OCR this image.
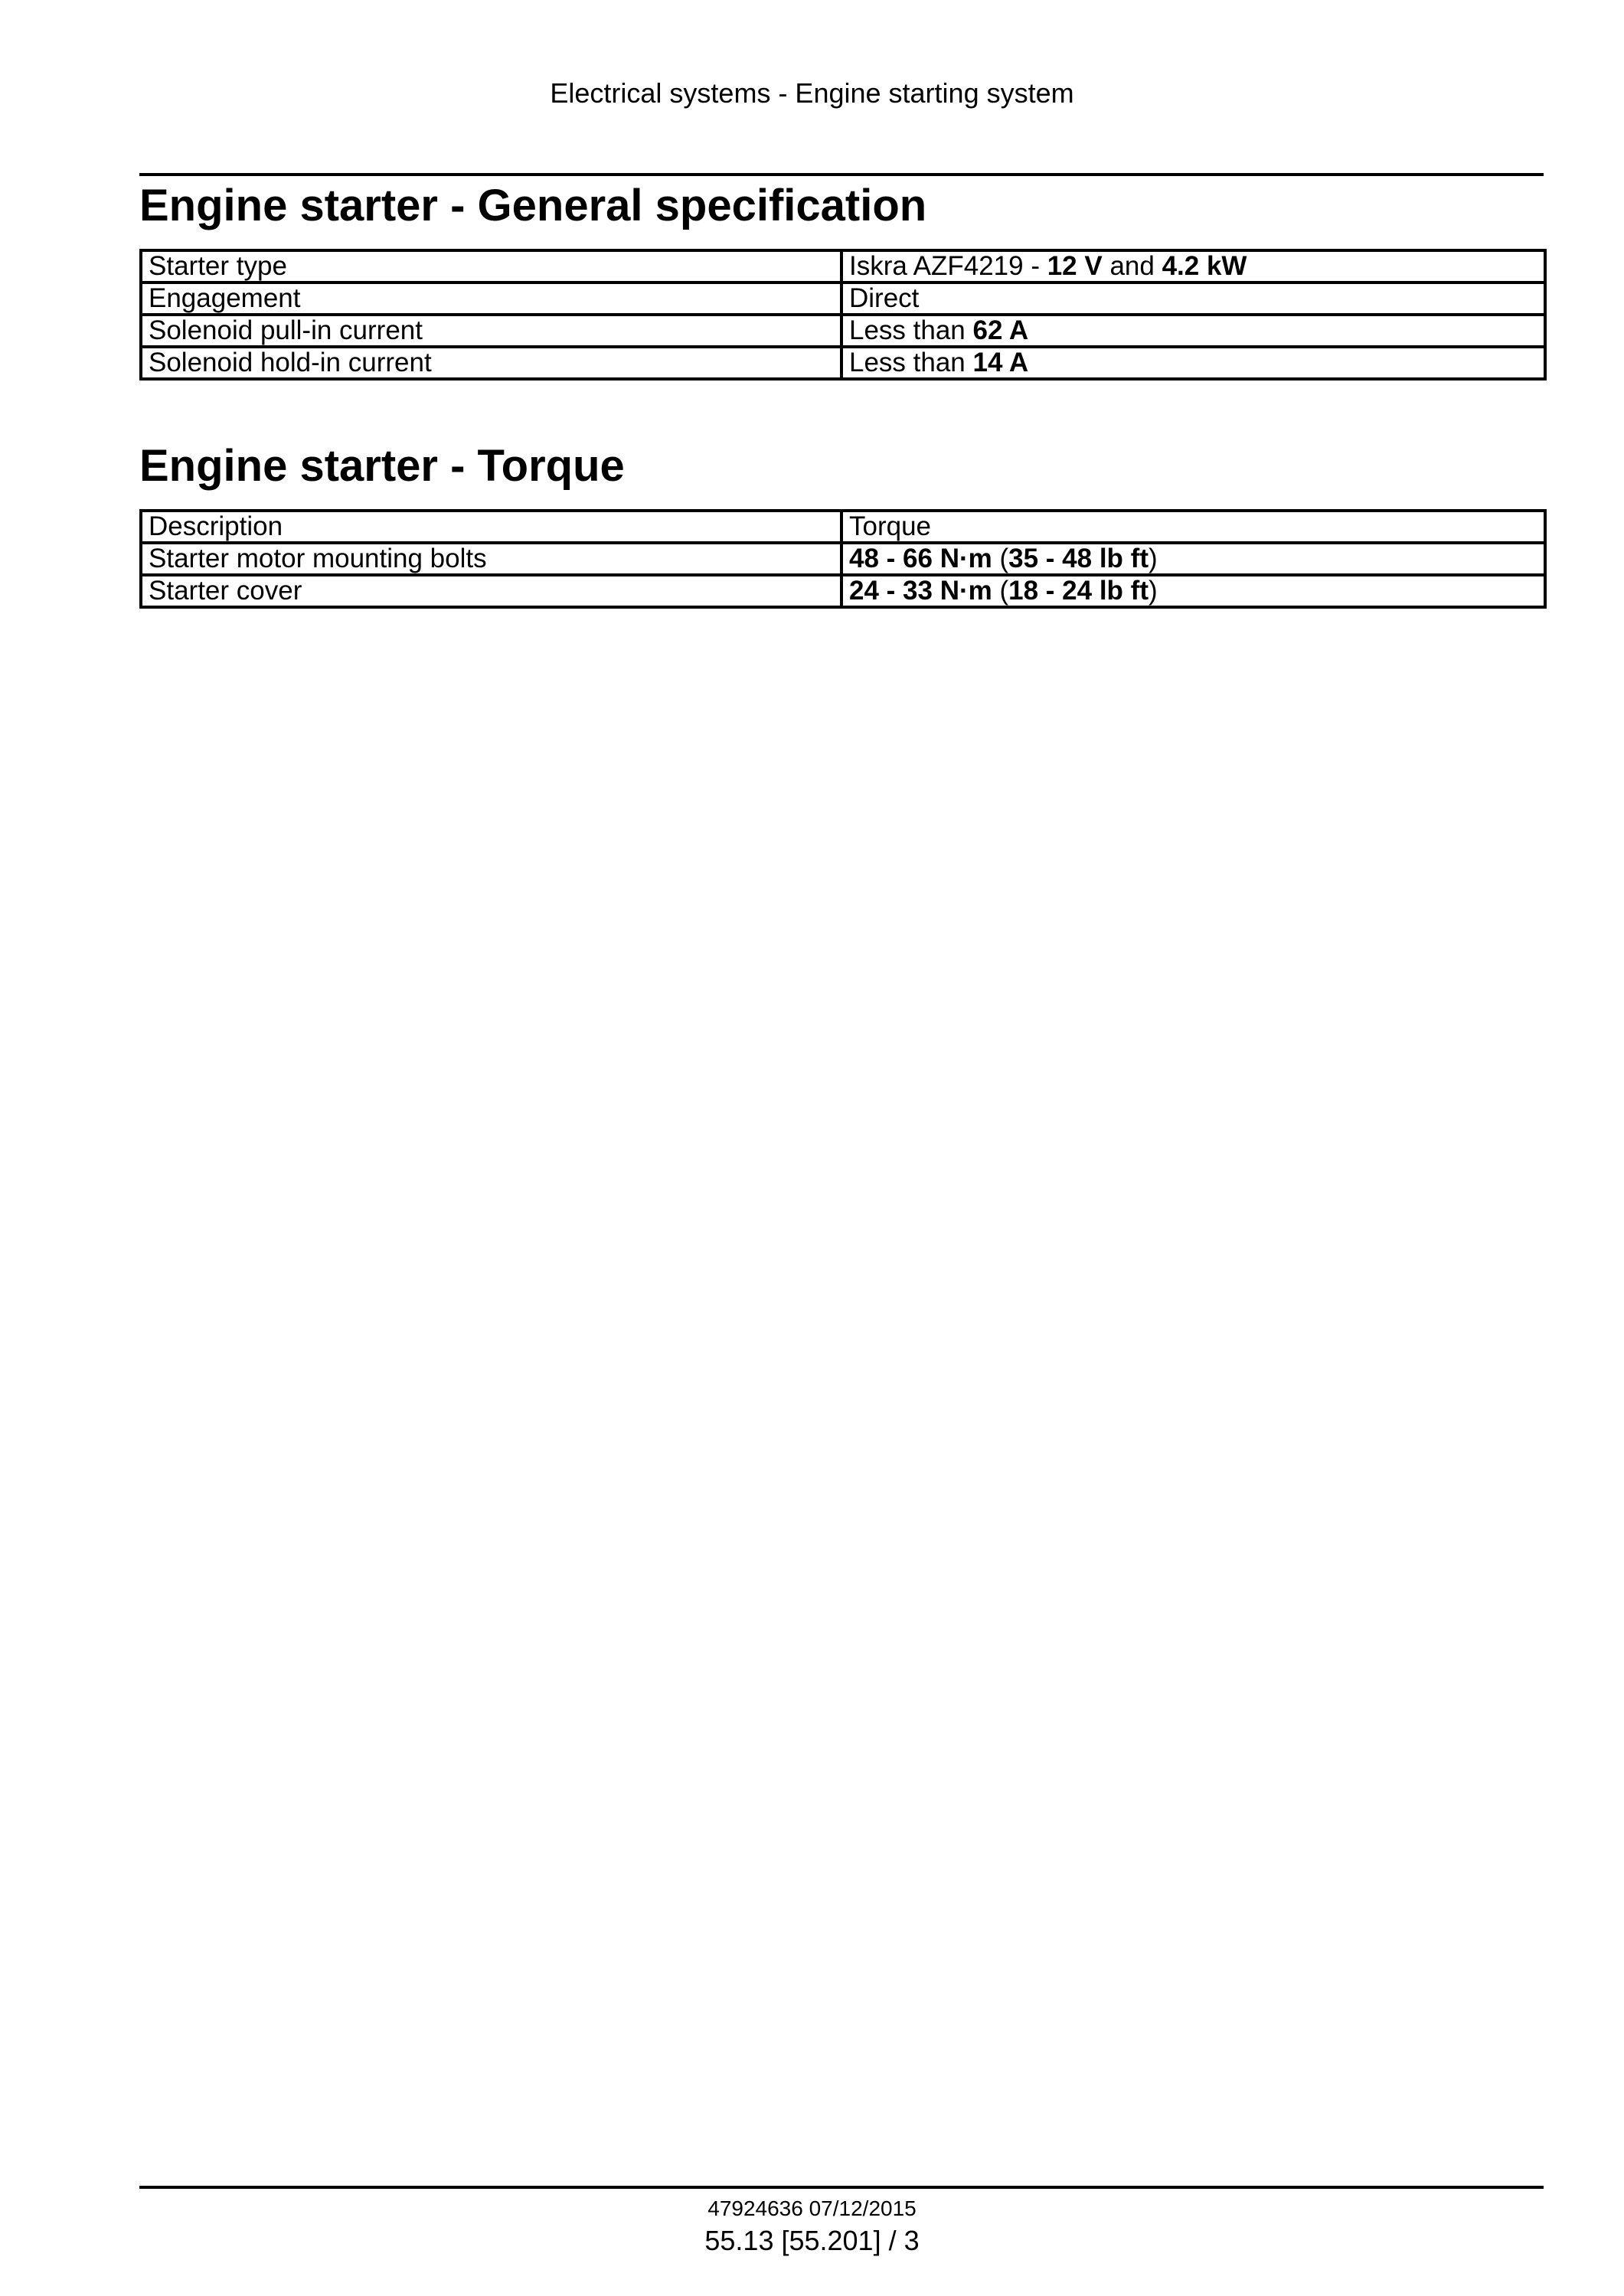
Electrical systems - Engine starting system
Engine starter - General specification
Starter type	Iskra AZF4219 - 12 V and 4.2 kW
Engagement	Direct
Solenoid pull-in current	Less than 62 A
Solenoid hold-in current	Less than 14 A
Engine starter - Torque
Description	Torque
Starter motor mounting bolts	48 - 66 N·m (35 - 48 lb ft)
Starter cover	24 - 33 N·m (18 - 24 lb ft)
47924636 07/12/2015
55.13 [55.201] / 3
